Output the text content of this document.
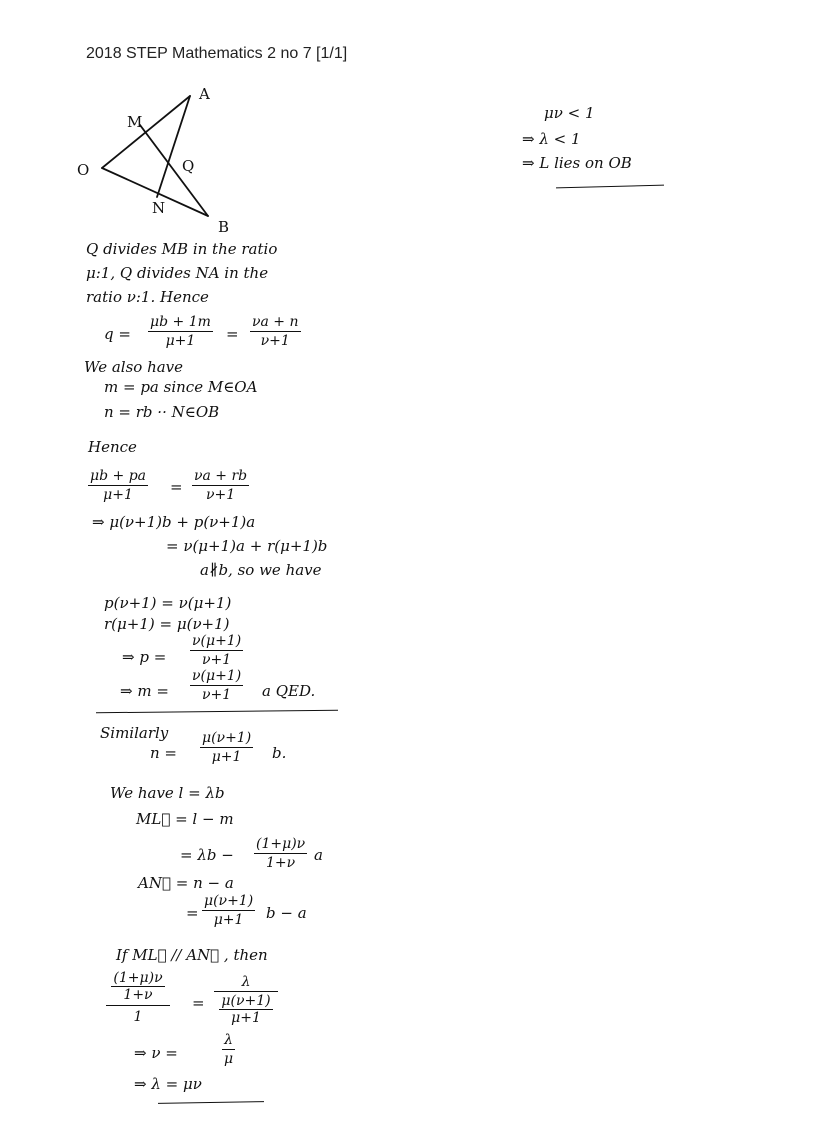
2018 STEP Mathematics 2 no 7 [1/1]
O
A
B
M
N
Q
Q divides MB in the ratio
μ:1, Q divides NA in the
ratio ν:1. Hence
$q = \frac{\mu b + 1m}{\mu+1} = \frac{\nu a + n}{\nu+1}$
We also have
m = pa since M∈OA
n = rb ·· N∈OB
Hence
$\frac{\mu b + pa}{\mu+1} = \frac{\nu a + rb}{\nu+1}$
⇒ μ(ν+1)b + p(ν+1)a
= ν(μ+1)a + r(μ+1)b
a∦b, so we have
p(ν+1) = ν(μ+1)
r(μ+1) = μ(ν+1)
⇒ $p = \frac{\nu(\mu+1)}{\nu+1}$
⇒ $m = \frac{\nu(\mu+1)}{\nu+1}$ a QED.
Similarly
$n = \frac{\mu(\nu+1)}{\mu+1} b$.
We have l = λb
ML⃗ = l − m
= $\lambda b - \frac{(1+\mu)\nu}{1+\nu}$ a
AN⃗ = n − a
= $\frac{\mu(\nu+1)}{\mu+1}$ b − a
If ML⃗ // AN⃗ , then
$\frac{(1+\mu)\nu}{1+\nu}$
1
= λ
μ(ν+1)
μ+1
⇒ ν =	$\frac{\lambda}{\mu}$
⇒ λ = μν
μν < 1
⇒ λ < 1
⇒ L lies on OB
